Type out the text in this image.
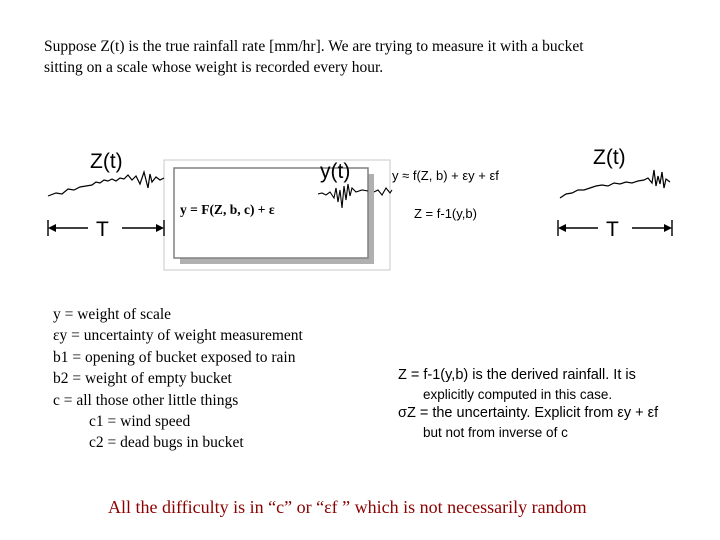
Suppose Z(t) is the true rainfall rate [mm/hr]. We are trying to measure it with a bucket
sitting on a scale whose weight is recorded every hour.
Z(t)
T
y(t)
y = F(Z, b, c) + ε
y ≈ f(Z, b) + εy + εf
Z = f-1(y,b)
Z(t)
T
y = weight of scale
εy = uncertainty of weight measurement
b1 = opening of bucket exposed to rain
b2 = weight of empty bucket
c = all those other little things
c1 = wind speed
c2 = dead bugs in bucket
Z = f-1(y,b) is the derived rainfall. It is
explicitly computed in this case.
σZ = the uncertainty. Explicit from εy + εf
but not from inverse of c
All the difficulty is in “c” or “εf ” which is not necessarily random
